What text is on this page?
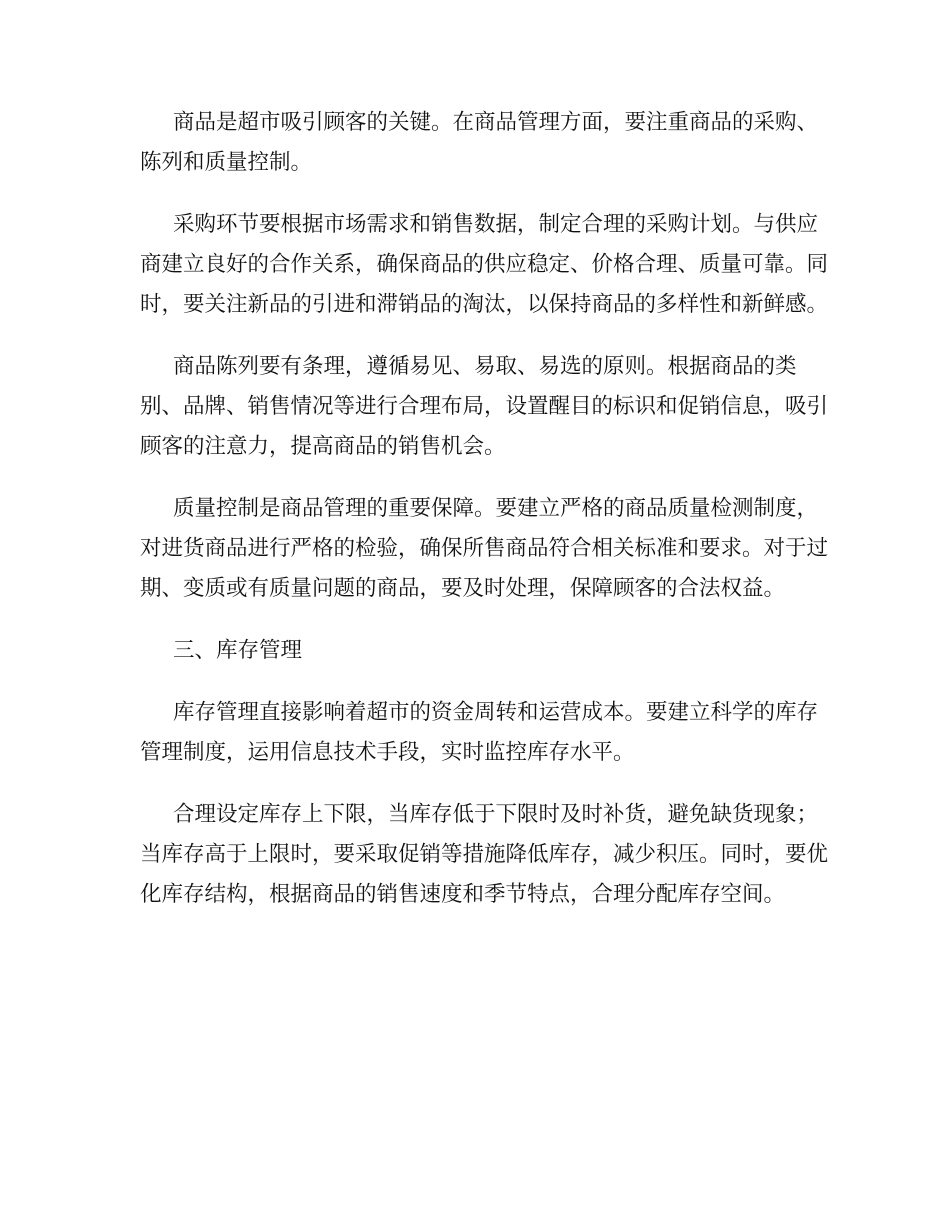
商品是超市吸引顾客的关键。在商品管理方面，要注重商品的采购、陈列和质量控制。

采购环节要根据市场需求和销售数据，制定合理的采购计划。与供应商建立良好的合作关系，确保商品的供应稳定、价格合理、质量可靠。同时，要关注新品的引进和滞销品的淘汰，以保持商品的多样性和新鲜感。

商品陈列要有条理，遵循易见、易取、易选的原则。根据商品的类别、品牌、销售情况等进行合理布局，设置醒目的标识和促销信息，吸引顾客的注意力，提高商品的销售机会。

质量控制是商品管理的重要保障。要建立严格的商品质量检测制度，对进货商品进行严格的检验，确保所售商品符合相关标准和要求。对于过期、变质或有质量问题的商品，要及时处理，保障顾客的合法权益。

三、库存管理

库存管理直接影响着超市的资金周转和运营成本。要建立科学的库存管理制度，运用信息技术手段，实时监控库存水平。

合理设定库存上下限，当库存低于下限时及时补货，避免缺货现象；当库存高于上限时，要采取促销等措施降低库存，减少积压。同时，要优化库存结构，根据商品的销售速度和季节特点，合理分配库存空间。
